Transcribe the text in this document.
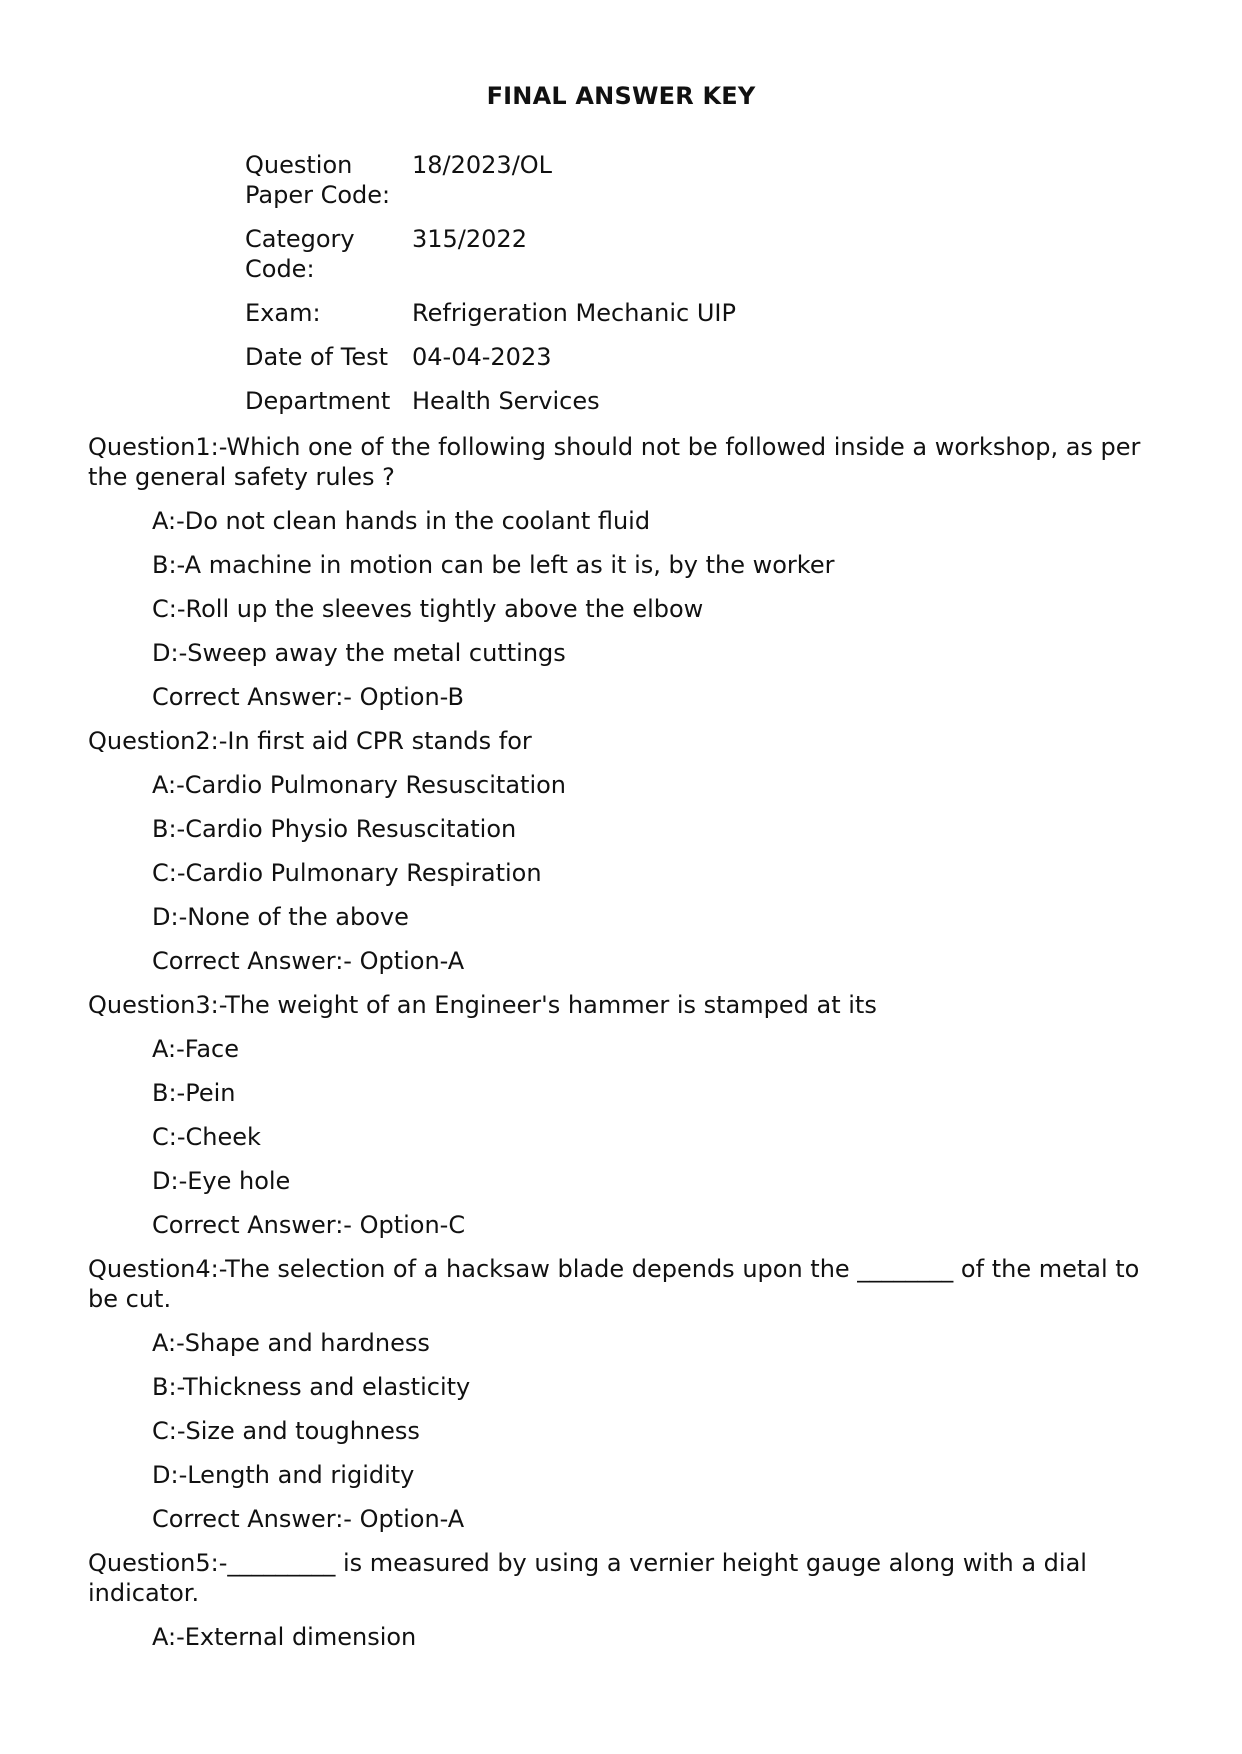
FINAL ANSWER KEY
Question Paper Code:	18/2023/OL
Category Code:	315/2022
Exam:	Refrigeration Mechanic UIP
Date of Test	04-04-2023
Department	Health Services

Question1:-Which one of the following should not be followed inside a workshop, as per the general safety rules ?

A:-Do not clean hands in the coolant fluid

B:-A machine in motion can be left as it is, by the worker

C:-Roll up the sleeves tightly above the elbow

D:-Sweep away the metal cuttings

Correct Answer:- Option-B

Question2:-In first aid CPR stands for

A:-Cardio Pulmonary Resuscitation

B:-Cardio Physio Resuscitation

C:-Cardio Pulmonary Respiration

D:-None of the above

Correct Answer:- Option-A

Question3:-The weight of an Engineer's hammer is stamped at its

A:-Face

B:-Pein

C:-Cheek

D:-Eye hole

Correct Answer:- Option-C

Question4:-The selection of a hacksaw blade depends upon the ________ of the metal to be cut.

A:-Shape and hardness

B:-Thickness and elasticity

C:-Size and toughness

D:-Length and rigidity

Correct Answer:- Option-A

Question5:-_________ is measured by using a vernier height gauge along with a dial indicator.

A:-External dimension
